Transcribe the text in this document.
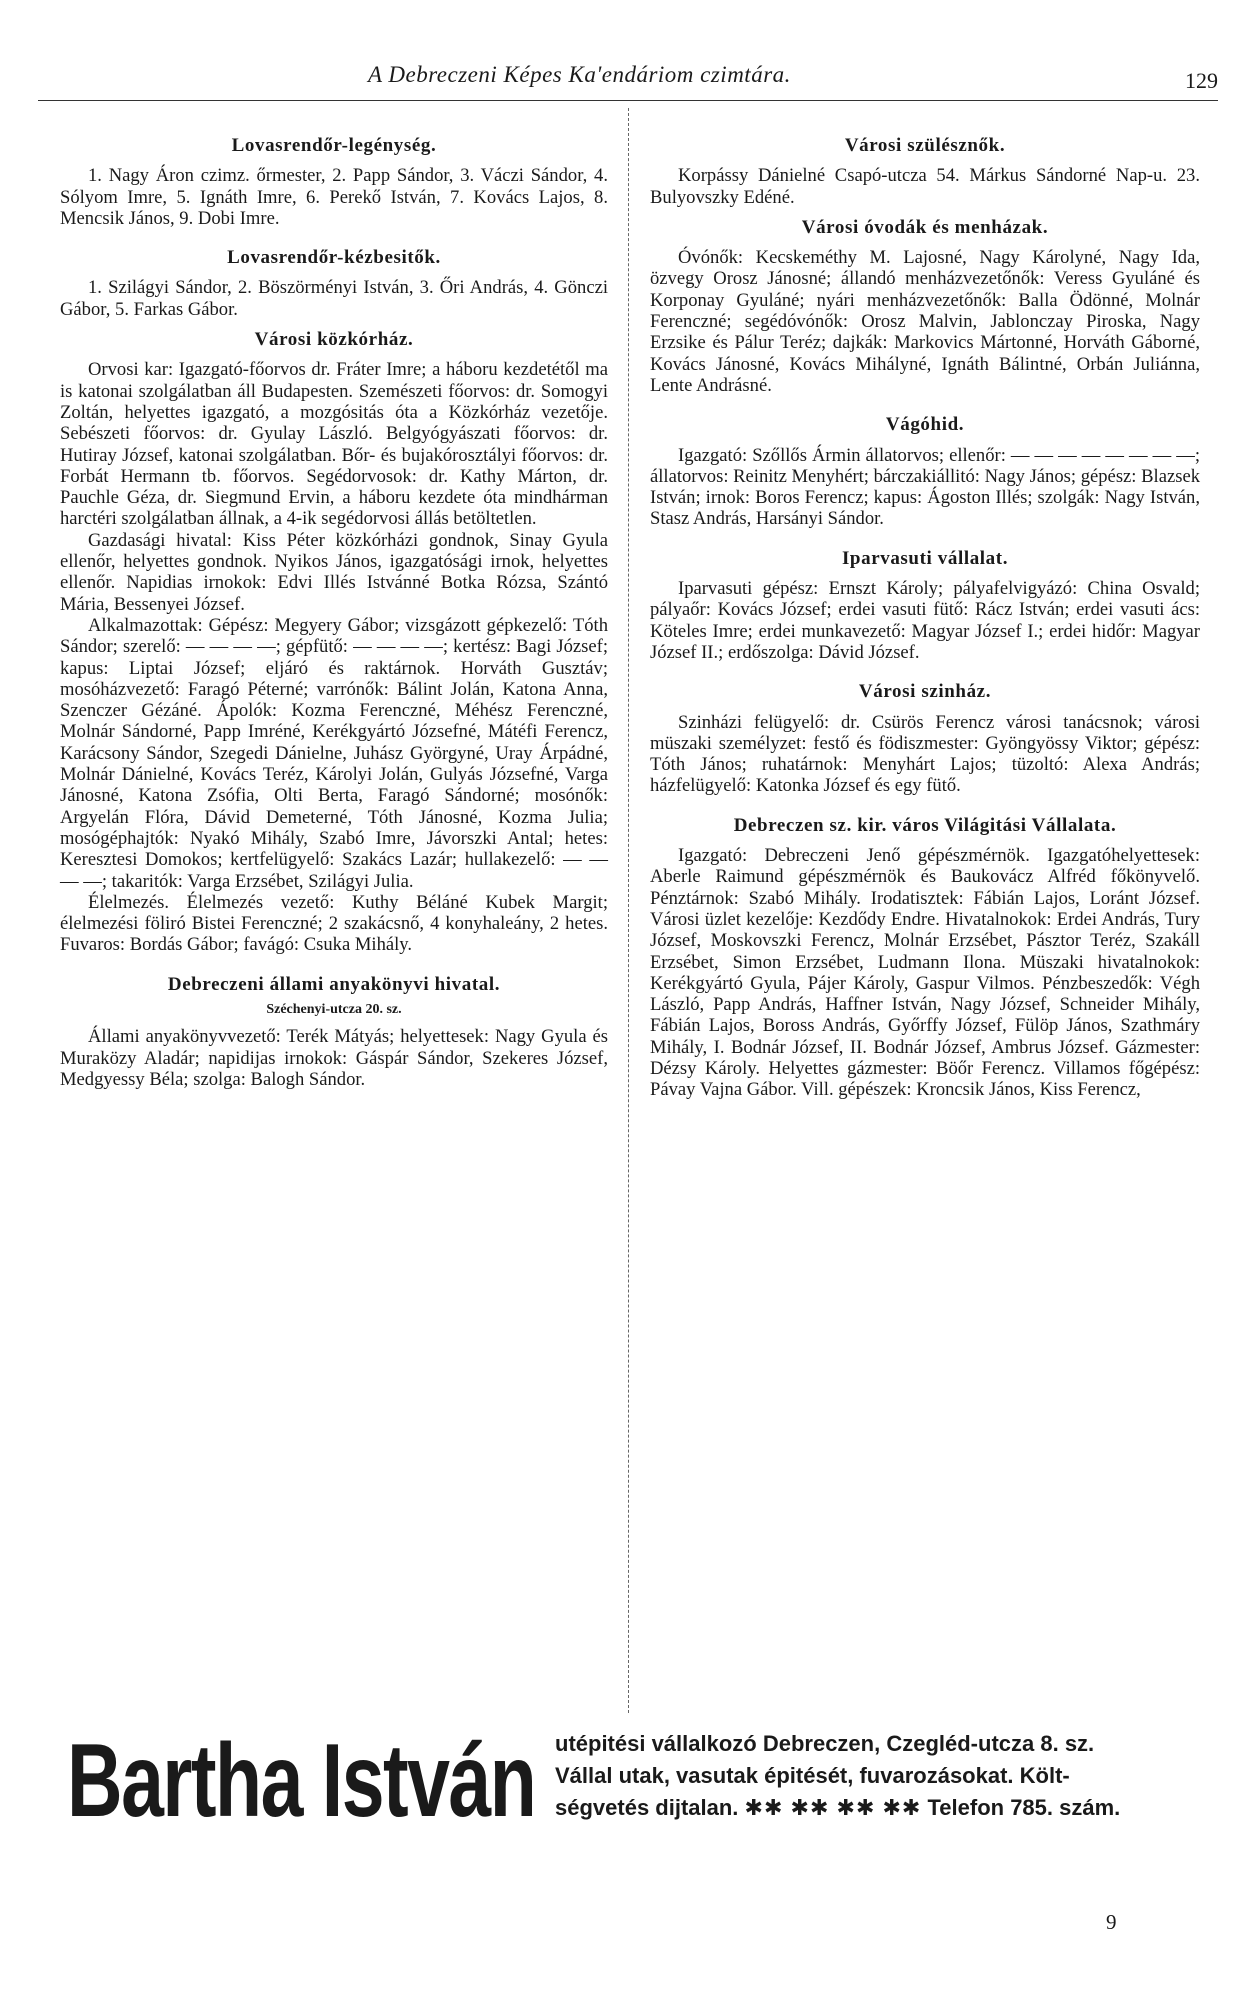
A Debreczeni Képes Ka'endáriom czimtára.	129

Lovasrendőr-legénység.

1. Nagy Áron czimz. őrmester, 2. Papp Sándor, 3. Váczi Sándor, 4. Sólyom Imre, 5. Ignáth Imre, 6. Perekő István, 7. Kovács Lajos, 8. Mencsik János, 9. Dobi Imre.

Lovasrendőr-kézbesitők.

1. Szilágyi Sándor, 2. Böszörményi István, 3. Őri András, 4. Gönczi Gábor, 5. Farkas Gábor.

Városi közkórház.

Orvosi kar: Igazgató-főorvos dr. Fráter Imre; a háboru kezdetétől ma is katonai szolgálatban áll Budapesten. Szemészeti főorvos: dr. Somogyi Zoltán, helyettes igazgató, a mozgósitás óta a Közkórház vezetője. Sebészeti főorvos: dr. Gyulay László. Belgyógyászati főorvos: dr. Hutiray József, katonai szolgálatban. Bőr- és bujakórosztályi főorvos: dr. Forbát Hermann tb. főorvos. Segédorvosok: dr. Kathy Márton, dr. Pauchle Géza, dr. Siegmund Ervin, a háboru kezdete óta mindhárman harctéri szolgálatban állnak, a 4-ik segédorvosi állás betöltetlen.

Gazdasági hivatal: Kiss Péter közkórházi gondnok, Sinay Gyula ellenőr, helyettes gondnok. Nyikos János, igazgatósági irnok, helyettes ellenőr. Napidias irnokok: Edvi Illés Istvánné Botka Rózsa, Szántó Mária, Bessenyei József.

Alkalmazottak: Gépész: Megyery Gábor; vizsgázott gépkezelő: Tóth Sándor; szerelő: — — — —; gépfütő: — — — —; kertész: Bagi József; kapus: Liptai József; eljáró és raktárnok. Horváth Gusztáv; mosóházvezető: Faragó Péterné; varrónők: Bálint Jolán, Katona Anna, Szenczer Gézáné. Ápolók: Kozma Ferenczné, Méhész Ferenczné, Molnár Sándorné, Papp Imréné, Kerékgyártó Józsefné, Mátéfi Ferencz, Karácsony Sándor, Szegedi Dánielne, Juhász Györgyné, Uray Árpádné, Molnár Dánielné, Kovács Teréz, Károlyi Jolán, Gulyás Józsefné, Varga Jánosné, Katona Zsófia, Olti Berta, Faragó Sándorné; mosónők: Argyelán Flóra, Dávid Demeterné, Tóth Jánosné, Kozma Julia; mosógéphajtók: Nyakó Mihály, Szabó Imre, Jávorszki Antal; hetes: Keresztesi Domokos; kertfelügyelő: Szakács Lazár; hullakezelő: — — — —; takaritók: Varga Erzsébet, Szilágyi Julia.

Élelmezés. Élelmezés vezető: Kuthy Béláné Kubek Margit; élelmezési föliró Bistei Ferenczné; 2 szakácsnő, 4 konyhaleány, 2 hetes. Fuvaros: Bordás Gábor; favágó: Csuka Mihály.

Debreczeni állami anyakönyvi hivatal.

Széchenyi-utcza 20. sz.

Állami anyakönyvvezető: Terék Mátyás; helyettesek: Nagy Gyula és Muraközy Aladár; napidijas irnokok: Gáspár Sándor, Szekeres József, Medgyessy Béla; szolga: Balogh Sándor.

Városi szülésznők.

Korpássy Dánielné Csapó-utcza 54. Márkus Sándorné Nap-u. 23. Bulyovszky Edéné.

Városi óvodák és menházak.

Óvónők: Kecskeméthy M. Lajosné, Nagy Károlyné, Nagy Ida, özvegy Orosz Jánosné; állandó menházvezetőnők: Veress Gyuláné és Korponay Gyuláné; nyári menházvezetőnők: Balla Ödönné, Molnár Ferenczné; segédóvónők: Orosz Malvin, Jablonczay Piroska, Nagy Erzsike és Pálur Teréz; dajkák: Markovics Mártonné, Horváth Gáborné, Kovács Jánosné, Kovács Mihályné, Ignáth Bálintné, Orbán Juliánna, Lente Andrásné.

Vágóhid.

Igazgató: Szőllős Ármin állatorvos; ellenőr: — — — — — — — —; állatorvos: Reinitz Menyhért; bárczakiállitó: Nagy János; gépész: Blazsek István; irnok: Boros Ferencz; kapus: Ágoston Illés; szolgák: Nagy István, Stasz András, Harsányi Sándor.

Iparvasuti vállalat.

Iparvasuti gépész: Ernszt Károly; pályafelvigyázó: China Osvald; pályaőr: Kovács József; erdei vasuti fütő: Rácz István; erdei vasuti ács: Köteles Imre; erdei munkavezető: Magyar József I.; erdei hidőr: Magyar József II.; erdőszolga: Dávid József.

Városi szinház.

Szinházi felügyelő: dr. Csürös Ferencz városi tanácsnok; városi müszaki személyzet: festő és födiszmester: Gyöngyössy Viktor; gépész: Tóth János; ruhatárnok: Menyhárt Lajos; tüzoltó: Alexa András; házfelügyelő: Katonka József és egy fütő.

Debreczen sz. kir. város Világitási Vállalata.

Igazgató: Debreczeni Jenő gépészmérnök. Igazgatóhelyettesek: Aberle Raimund gépészmérnök és Baukovácz Alfréd főkönyvelő. Pénztárnok: Szabó Mihály. Irodatisztek: Fábián Lajos, Loránt József. Városi üzlet kezelője: Kezdődy Endre. Hivatalnokok: Erdei András, Tury József, Moskovszki Ferencz, Molnár Erzsébet, Pásztor Teréz, Szakáll Erzsébet, Simon Erzsébet, Ludmann Ilona. Müszaki hivatalnokok: Kerékgyártó Gyula, Pájer Károly, Gaspur Vilmos. Pénzbeszedők: Végh László, Papp András, Haffner István, Nagy József, Schneider Mihály, Fábián Lajos, Boross András, Győrffy József, Fülöp János, Szathmáry Mihály, I. Bodnár József, II. Bodnár József, Ambrus József. Gázmester: Dézsy Károly. Helyettes gázmester: Böőr Ferencz. Villamos főgépész: Pávay Vajna Gábor. Vill. gépészek: Kroncsik János, Kiss Ferencz,

Bartha István utépitési vállalkozó Debreczen, Czegléd-utcza 8. sz.
Vállal utak, vasutak épitését, fuvarozásokat. Költ-
ségvetés dijtalan. ✱✱ ✱✱ ✱✱ ✱✱ Telefon 785. szám.
9
